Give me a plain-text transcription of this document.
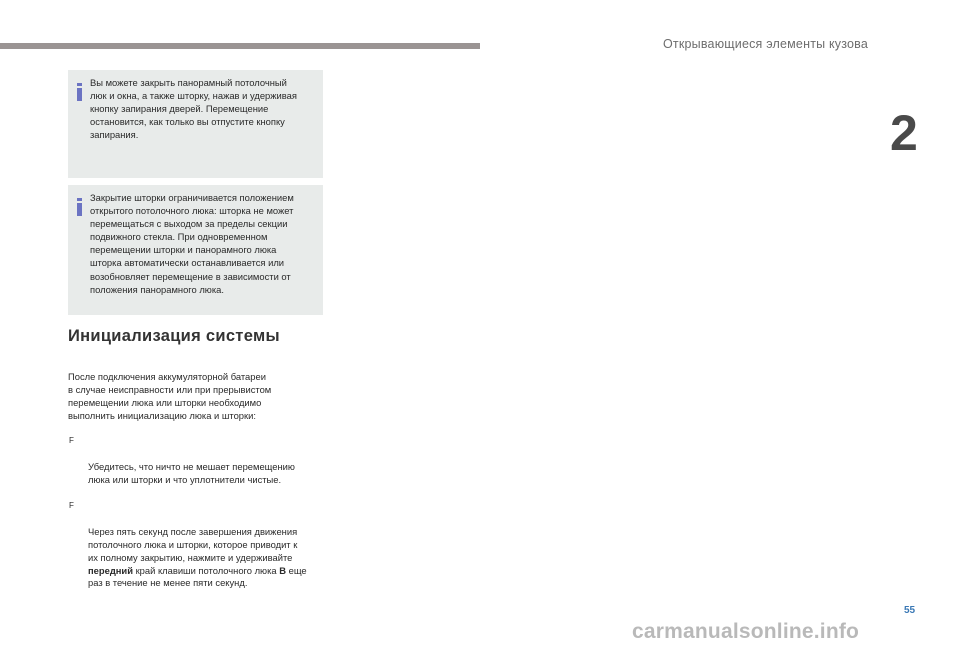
Открывающиеся элементы кузова
2
Вы можете закрыть панорамный потолочный
люк и окна, а также шторку, нажав и удерживая
кнопку запирания дверей. Перемещение
остановится, как только вы отпустите кнопку
запирания.
Закрытие шторки ограничивается положением
открытого потолочного люка: шторка не может
перемещаться с выходом за пределы секции
подвижного стекла. При одновременном
перемещении шторки и панорамного люка
шторка автоматически останавливается или
возобновляет перемещение в зависимости от
положения панорамного люка.
Инициализация системы

После подключения аккумуляторной батареи
в случае неисправности или при прерывистом
перемещении люка или шторки необходимо
выполнить инициализацию люка и шторки:

F

Убедитесь, что ничто не мешает перемещению
люка или шторки и что уплотнители чистые.

F

Через пять секунд после завершения движения
потолочного люка и шторки, которое приводит к
их полному закрытию, нажмите и удерживайте
передний край клавиши потолочного люка B еще
раз в течение не менее пяти секунд.

55
carmanualsonline.info
